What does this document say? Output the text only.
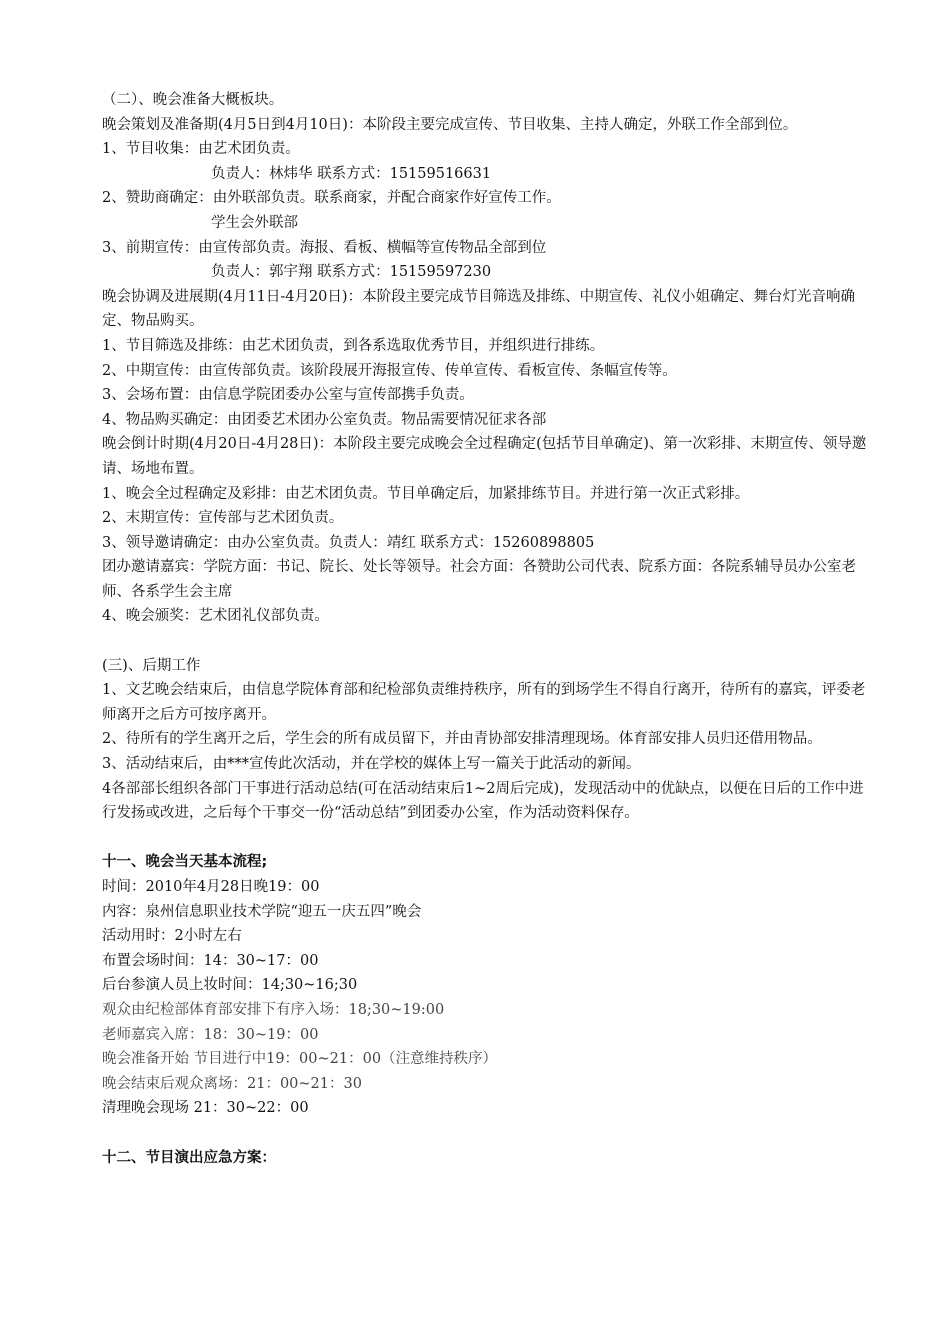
（二）、晚会准备大概板块。
晚会策划及准备期(4月5日到4月10日)：本阶段主要完成宣传、节目收集、主持人确定，外联工作全部到位。
1、节目收集：由艺术团负责。
负责人：林炜华 联系方式：15159516631
2、赞助商确定：由外联部负责。联系商家，并配合商家作好宣传工作。
学生会外联部
3、前期宣传：由宣传部负责。海报、看板、横幅等宣传物品全部到位
负责人：郭宇翔 联系方式：15159597230
晚会协调及进展期(4月11日-4月20日)：本阶段主要完成节目筛选及排练、中期宣传、礼仪小姐确定、舞台灯光音响确定、物品购买。
1、节目筛选及排练：由艺术团负责，到各系选取优秀节目，并组织进行排练。
2、中期宣传：由宣传部负责。该阶段展开海报宣传、传单宣传、看板宣传、条幅宣传等。
3、会场布置：由信息学院团委办公室与宣传部携手负责。
4、物品购买确定：由团委艺术团办公室负责。物品需要情况征求各部
晚会倒计时期(4月20日-4月28日)：本阶段主要完成晚会全过程确定(包括节目单确定)、第一次彩排、末期宣传、领导邀请、场地布置。
1、晚会全过程确定及彩排：由艺术团负责。节目单确定后，加紧排练节目。并进行第一次正式彩排。
2、末期宣传：宣传部与艺术团负责。
3、领导邀请确定：由办公室负责。负责人：靖红 联系方式：15260898805
团办邀请嘉宾：学院方面：书记、院长、处长等领导。社会方面：各赞助公司代表、院系方面：各院系辅导员办公室老师、各系学生会主席
4、晚会颁奖：艺术团礼仪部负责。
(三)、后期工作
1、文艺晚会结束后，由信息学院体育部和纪检部负责维持秩序，所有的到场学生不得自行离开，待所有的嘉宾，评委老师离开之后方可按序离开。
2、待所有的学生离开之后，学生会的所有成员留下，并由青协部安排清理现场。体育部安排人员归还借用物品。
3、活动结束后，由***宣传此次活动，并在学校的媒体上写一篇关于此活动的新闻。
4各部部长组织各部门干事进行活动总结(可在活动结束后1~2周后完成)，发现活动中的优缺点，以便在日后的工作中进行发扬或改进，之后每个干事交一份“活动总结”到团委办公室，作为活动资料保存。
十一、晚会当天基本流程;
时间：2010年4月28日晚19：00
内容：泉州信息职业技术学院“迎五一庆五四”晚会
活动用时：2小时左右
布置会场时间：14：30~17：00
后台参演人员上妆时间：14;30~16;30
观众由纪检部体育部安排下有序入场：18;30~19:00
老师嘉宾入席：18：30~19：00
晚会准备开始 节目进行中19：00~21：00（注意维持秩序）
晚会结束后观众离场：21：00~21：30
清理晚会现场 21：30~22：00
十二、节目演出应急方案：
